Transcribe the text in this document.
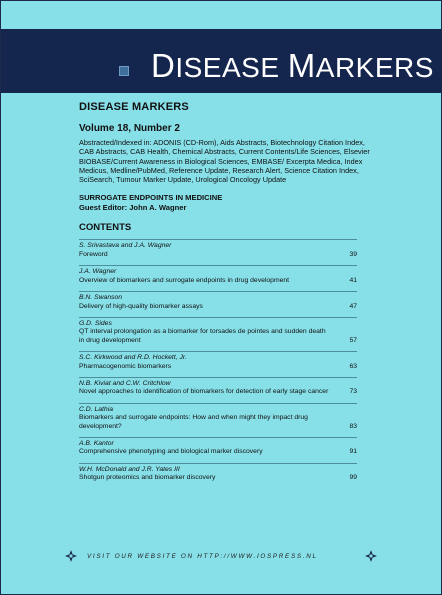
DISEASE MARKERS
DISEASE MARKERS
Volume 18, Number 2
Abstracted/Indexed in: ADONIS (CD-Rom), Aids Abstracts, Biotechnology Citation Index, CAB Abstracts, CAB Health, Chemical Abstracts, Current Contents/Life Sciences, Elsevier BIOBASE/Current Awareness in Biological Sciences, EMBASE/ Excerpta Medica, Index Medicus, Medline/PubMed, Reference Update, Research Alert, Science Citation Index, SciSearch, Tumour Marker Update, Urological Oncology Update
SURROGATE ENDPOINTS IN MEDICINE
Guest Editor: John A. Wagner
CONTENTS
S. Srivastava and J.A. Wagner
Foreword	39
J.A. Wagner
Overview of biomarkers and surrogate endpoints in drug development	41
B.N. Swanson
Delivery of high-quality biomarker assays	47
G.D. Sides
QT interval prolongation as a biomarker for torsades de pointes and sudden death in drug development	57
S.C. Kirkwood and R.D. Hockett, Jr.
Pharmacogenomic biomarkers	63
N.B. Kiviat and C.W. Critchlow
Novel approaches to identification of biomarkers for detection of early stage cancer	73
C.D. Lathia
Biomarkers and surrogate endpoints: How and when might they impact drug development?	83
A.B. Kantor
Comprehensive phenotyping and biological marker discovery	91
W.H. McDonald and J.R. Yates III
Shotgun proteomics and biomarker discovery	99
VISIT OUR WEBSITE ON HTTP://WWW.IOSPRESS.NL
